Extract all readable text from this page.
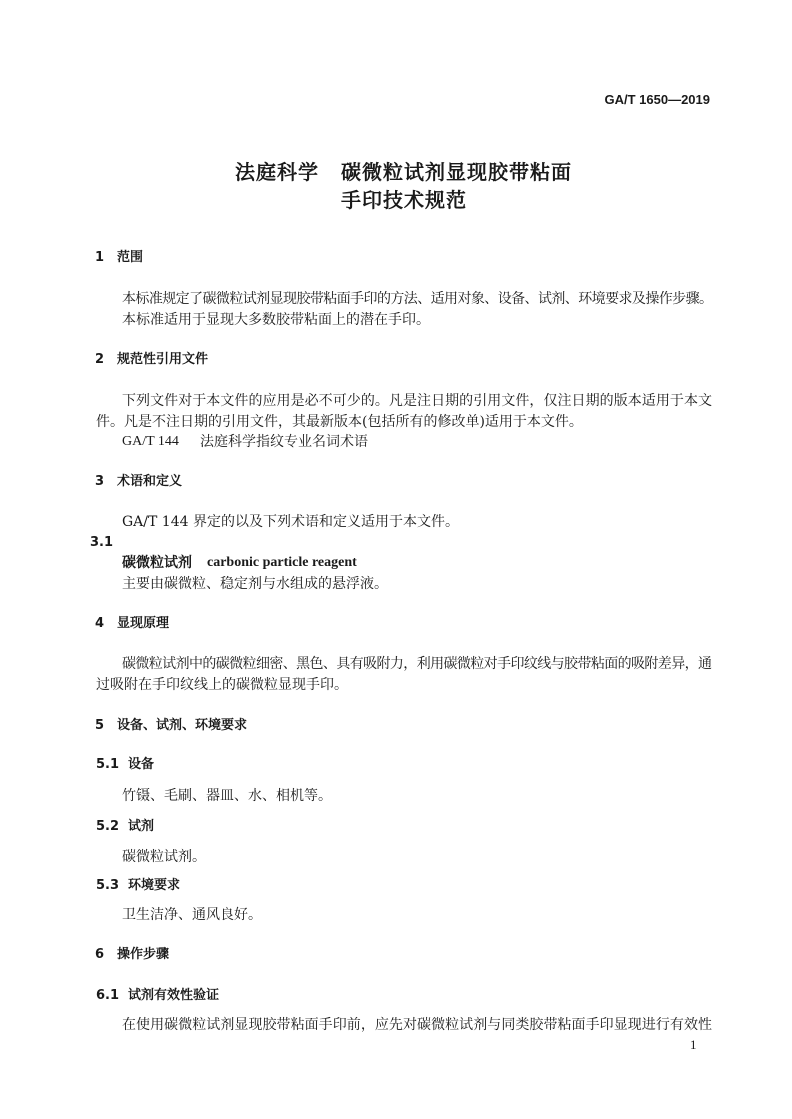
GA/T 1650—2019
法庭科学 碳微粒试剂显现胶带粘面
手印技术规范
1 范围
本标准规定了碳微粒试剂显现胶带粘面手印的方法、适用对象、设备、试剂、环境要求及操作步骤。
本标准适用于显现大多数胶带粘面上的潜在手印。
2 规范性引用文件
下列文件对于本文件的应用是必不可少的。凡是注日期的引用文件，仅注日期的版本适用于本文
件。凡是不注日期的引用文件，其最新版本(包括所有的修改单)适用于本文件。
GA/T 144 法庭科学指纹专业名词术语
3 术语和定义
GA/T 144 界定的以及下列术语和定义适用于本文件。
3.1
碳微粒试剂 carbonic particle reagent
主要由碳微粒、稳定剂与水组成的悬浮液。
4 显现原理
碳微粒试剂中的碳微粒细密、黑色、具有吸附力，利用碳微粒对手印纹线与胶带粘面的吸附差异，通
过吸附在手印纹线上的碳微粒显现手印。
5 设备、试剂、环境要求
5.1 设备
竹镊、毛刷、器皿、水、相机等。
5.2 试剂
碳微粒试剂。
5.3 环境要求
卫生洁净、通风良好。
6 操作步骤
6.1 试剂有效性验证
在使用碳微粒试剂显现胶带粘面手印前，应先对碳微粒试剂与同类胶带粘面手印显现进行有效性
1
